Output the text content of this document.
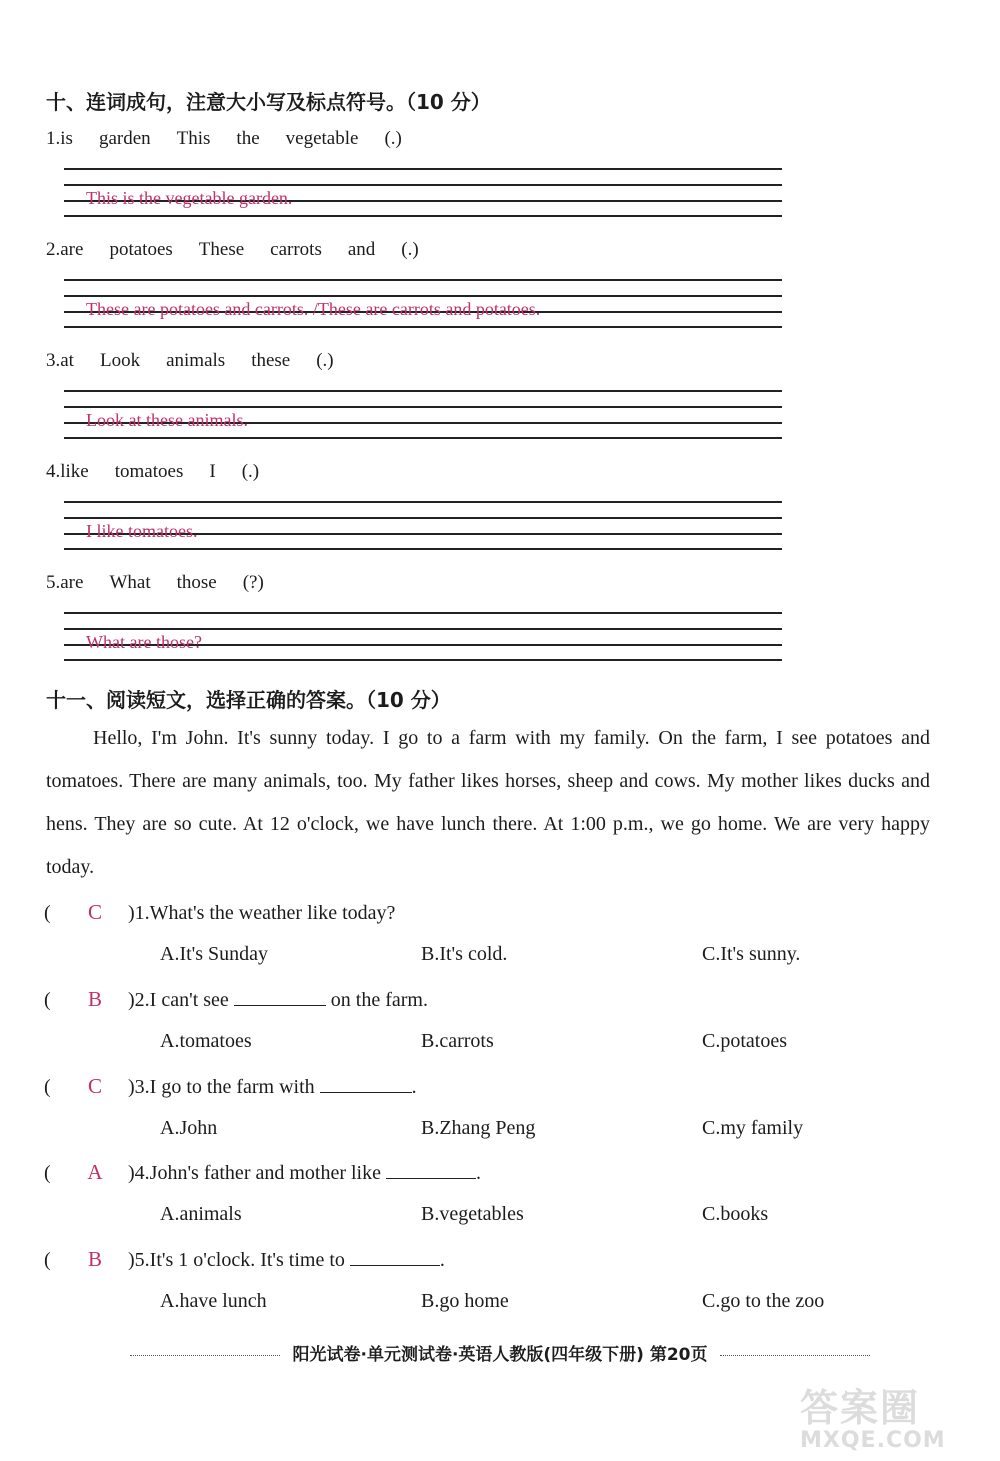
十、连词成句，注意大小写及标点符号。（10 分）
1.is garden This the vegetable (.)
This is the vegetable garden.
2.are potatoes These carrots and (.)
These are potatoes and carrots. /These are carrots and potatoes.
3.at Look animals these (.)
Look at these animals.
4.like tomatoes I (.)
I like tomatoes.
5.are What those (?)
What are those?
十一、阅读短文，选择正确的答案。（10 分）
Hello, I'm John. It's sunny today. I go to a farm with my family. On the farm, I see potatoes and tomatoes. There are many animals, too. My father likes horses, sheep and cows. My mother likes ducks and hens. They are so cute. At 12 o'clock, we have lunch there. At 1:00 p.m., we go home. We are very happy today.
( C )1.What's the weather like today?
A.It's Sunday	B.It's cold.	C.It's sunny.
( B )2.I can't see	on the farm.
A.tomatoes	B.carrots	C.potatoes
( C )3.I go to the farm with	.
A.John	B.Zhang Peng	C.my family
( A )4.John's father and mother like	.
A.animals	B.vegetables	C.books
( B )5.It's 1 o'clock. It's time to	.
A.have lunch	B.go home	C.go to the zoo
阳光试卷·单元测试卷·英语人教版(四年级下册) 第20页
答案圈
MXQE.COM
